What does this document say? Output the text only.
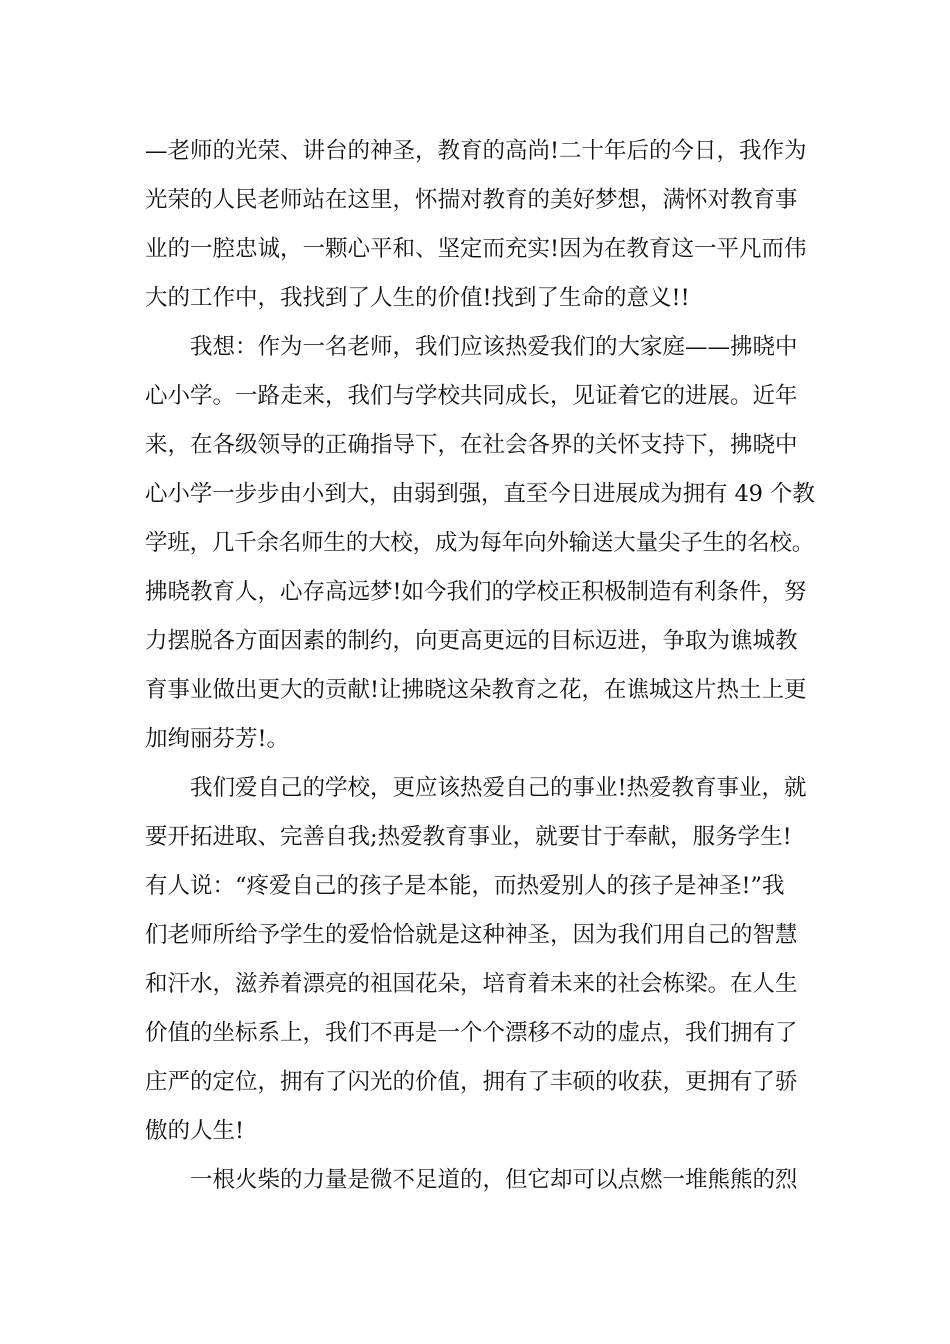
—老师的光荣、讲台的神圣，教育的高尚!二十年后的今日，我作为
光荣的人民老师站在这里，怀揣对教育的美好梦想，满怀对教育事
业的一腔忠诚，一颗心平和、坚定而充实!因为在教育这一平凡而伟
大的工作中，我找到了人生的价值!找到了生命的意义!!
我想：作为一名老师，我们应该热爱我们的大家庭——拂晓中
心小学。一路走来，我们与学校共同成长，见证着它的进展。近年
来，在各级领导的正确指导下，在社会各界的关怀支持下，拂晓中
心小学一步步由小到大，由弱到强，直至今日进展成为拥有 49 个教
学班，几千余名师生的大校，成为每年向外输送大量尖子生的名校。
拂晓教育人，心存高远梦!如今我们的学校正积极制造有利条件，努
力摆脱各方面因素的制约，向更高更远的目标迈进，争取为谯城教
育事业做出更大的贡献!让拂晓这朵教育之花，在谯城这片热土上更
加绚丽芬芳!。
我们爱自己的学校，更应该热爱自己的事业!热爱教育事业，就
要开拓进取、完善自我;热爱教育事业，就要甘于奉献，服务学生!
有人说：“疼爱自己的孩子是本能，而热爱别人的孩子是神圣!”我
们老师所给予学生的爱恰恰就是这种神圣，因为我们用自己的智慧
和汗水，滋养着漂亮的祖国花朵，培育着未来的社会栋梁。在人生
价值的坐标系上，我们不再是一个个漂移不动的虚点，我们拥有了
庄严的定位，拥有了闪光的价值，拥有了丰硕的收获，更拥有了骄
傲的人生!
一根火柴的力量是微不足道的，但它却可以点燃一堆熊熊的烈
